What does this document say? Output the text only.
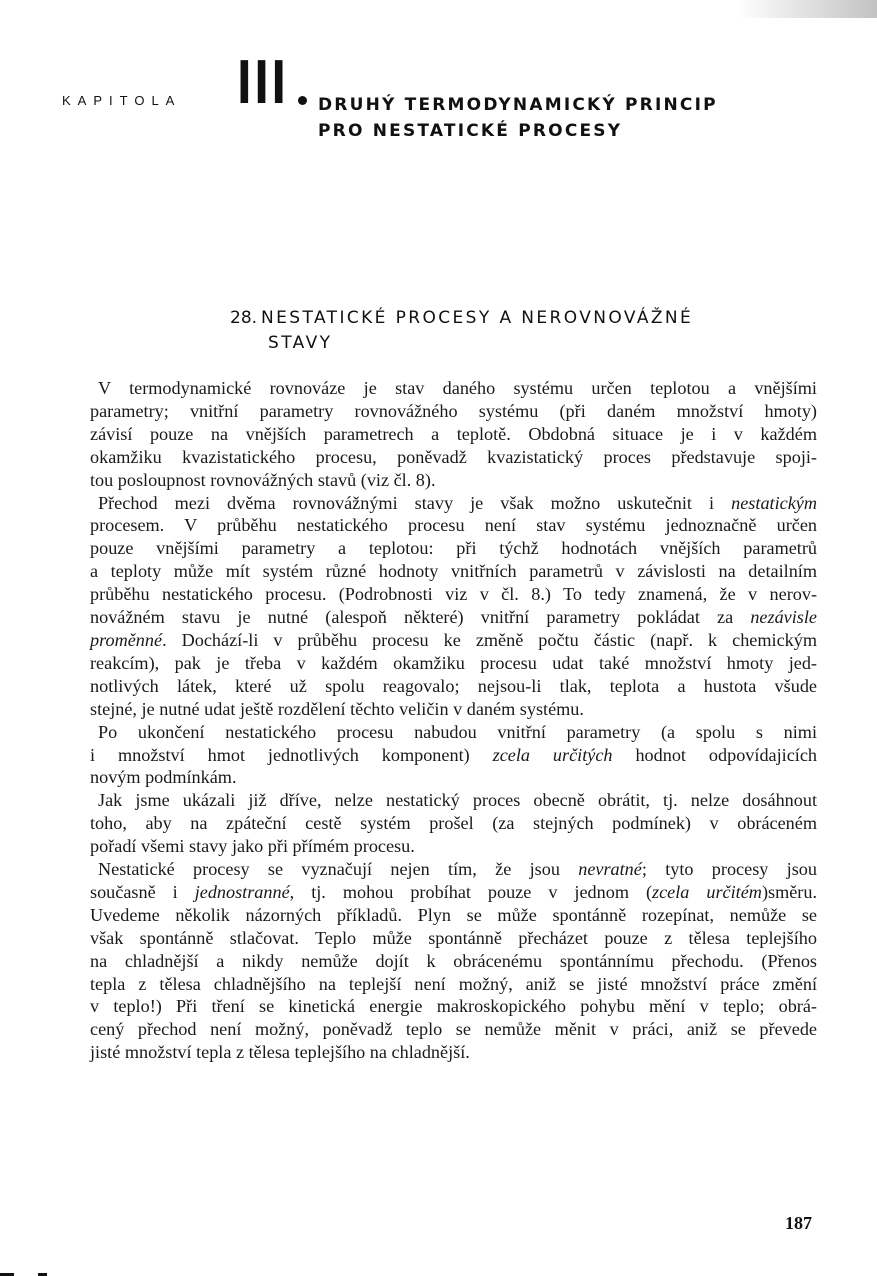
KAPITOLA III DRUHÝ TERMODYNAMICKÝ PRINCIP
PRO NESTATICKÉ PROCESY
28. NESTATICKÉ PROCESY A NEROVNOVÁŽNÉ
STAVY

V termodynamické rovnováze je stav daného systému určen teplotou a vnějšími
parametry; vnitřní parametry rovnovážného systému (při daném množství hmoty)
závisí pouze na vnějších parametrech a teplotě. Obdobná situace je i v každém
okamžiku kvazistatického procesu, poněvadž kvazistatický proces představuje spoji-
tou posloupnost rovnovážných stavů (viz čl. 8).

Přechod mezi dvěma rovnovážnými stavy je však možno uskutečnit i nestatickým
procesem. V průběhu nestatického procesu není stav systému jednoznačně určen
pouze vnějšími parametry a teplotou: při týchž hodnotách vnějších parametrů
a teploty může mít systém různé hodnoty vnitřních parametrů v závislosti na detailním
průběhu nestatického procesu. (Podrobnosti viz v čl. 8.) To tedy znamená, že v nerov-
novážném stavu je nutné (alespoň některé) vnitřní parametry pokládat za nezávisle
proměnné. Dochází-li v průběhu procesu ke změně počtu částic (např. k chemickým
reakcím), pak je třeba v každém okamžiku procesu udat také množství hmoty jed-
notlivých látek, které už spolu reagovalo; nejsou-li tlak, teplota a hustota všude
stejné, je nutné udat ještě rozdělení těchto veličin v daném systému.

Po ukončení nestatického procesu nabudou vnitřní parametry (a spolu s nimi
i množství hmot jednotlivých komponent) zcela určitých hodnot odpovídajicích
novým podmínkám.

Jak jsme ukázali již dříve, nelze nestatický proces obecně obrátit, tj. nelze dosáhnout
toho, aby na zpáteční cestě systém prošel (za stejných podmínek) v obráceném
pořadí všemi stavy jako při přímém procesu.

Nestatické procesy se vyznačují nejen tím, že jsou nevratné; tyto procesy jsou
současně i jednostranné, tj. mohou probíhat pouze v jednom (zcela určitém)směru.
Uvedeme několik názorných příkladů. Plyn se může spontánně rozepínat, nemůže se
však spontánně stlačovat. Teplo může spontánně přecházet pouze z tělesa teplejšího
na chladnější a nikdy nemůže dojít k obrácenému spontánnímu přechodu. (Přenos
tepla z tělesa chladnějšího na teplejší není možný, aniž se jisté množství práce změní
v teplo!) Při tření se kinetická energie makroskopického pohybu mění v teplo; obrá-
cený přechod není možný, poněvadž teplo se nemůže měnit v práci, aniž se převede
jisté množství tepla z tělesa teplejšího na chladnější.

187
